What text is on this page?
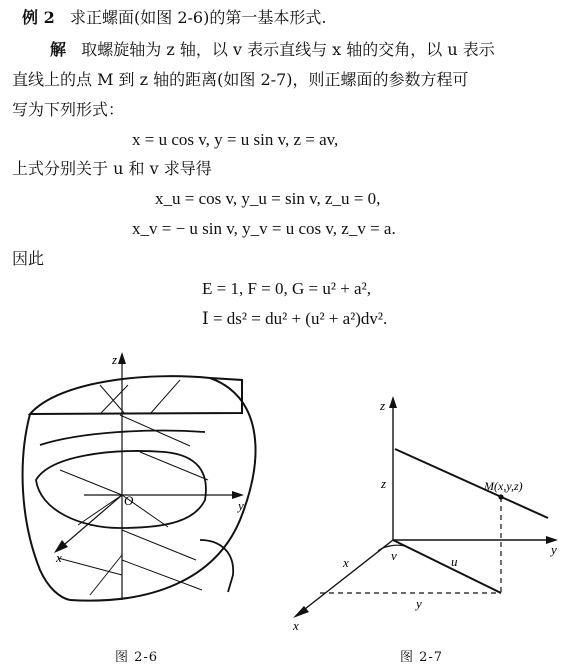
例 2 求正螺面(如图 2-6)的第一基本形式.
解 取螺旋轴为 z 轴，以 v 表示直线与 x 轴的交角，以 u 表示
直线上的点 M 到 z 轴的距离(如图 2-7)，则正螺面的参数方程可
写为下列形式：
x = u cos v, y = u sin v, z = av,
上式分别关于 u 和 v 求导得
x_u = cos v, y_u = sin v, z_u = 0,
x_v = − u sin v, y_v = u cos v, z_v = a.
因此
E = 1, F = 0, G = u² + a²,
Ⅰ = ds² = du² + (u² + a²)dv².
z
y
x
O
z
y
x
M(x,y,z)
z
v	u
x
y
图 2-6	图 2-7
